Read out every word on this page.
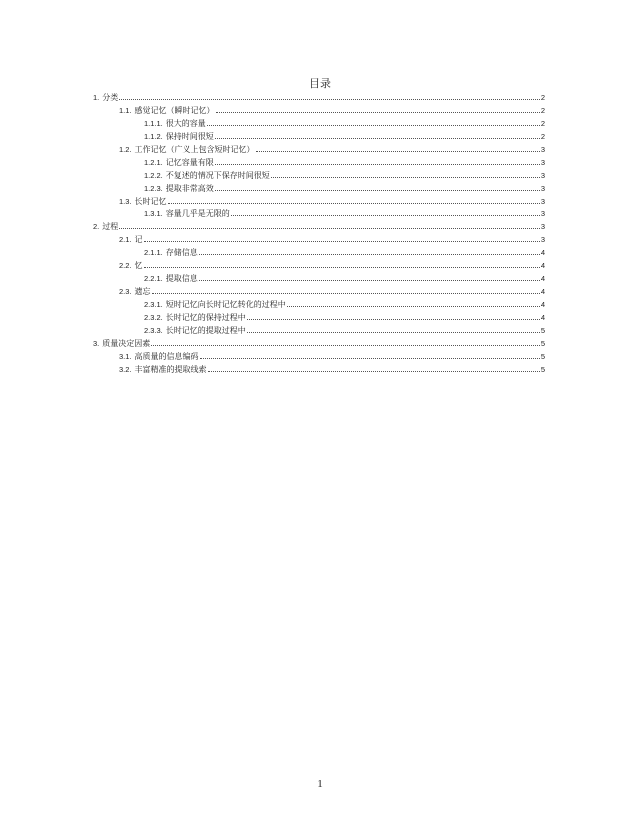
目录
1. 分类	2
1.1. 感觉记忆（瞬时记忆）	2
1.1.1. 很大的容量	2
1.1.2. 保持时间很短	2
1.2. 工作记忆（广义上包含短时记忆）	3
1.2.1. 记忆容量有限	3
1.2.2. 不复述的情况下保存时间很短	3
1.2.3. 提取非常高效	3
1.3. 长时记忆	3
1.3.1. 容量几乎是无限的	3
2. 过程	3
2.1. 记	3
2.1.1. 存储信息	4
2.2. 忆	4
2.2.1. 提取信息	4
2.3. 遗忘	4
2.3.1. 短时记忆向长时记忆转化的过程中	4
2.3.2. 长时记忆的保持过程中	4
2.3.3. 长时记忆的提取过程中	5
3. 质量决定因素	5
3.1. 高质量的信息编码	5
3.2. 丰富精准的提取线索	5
1
